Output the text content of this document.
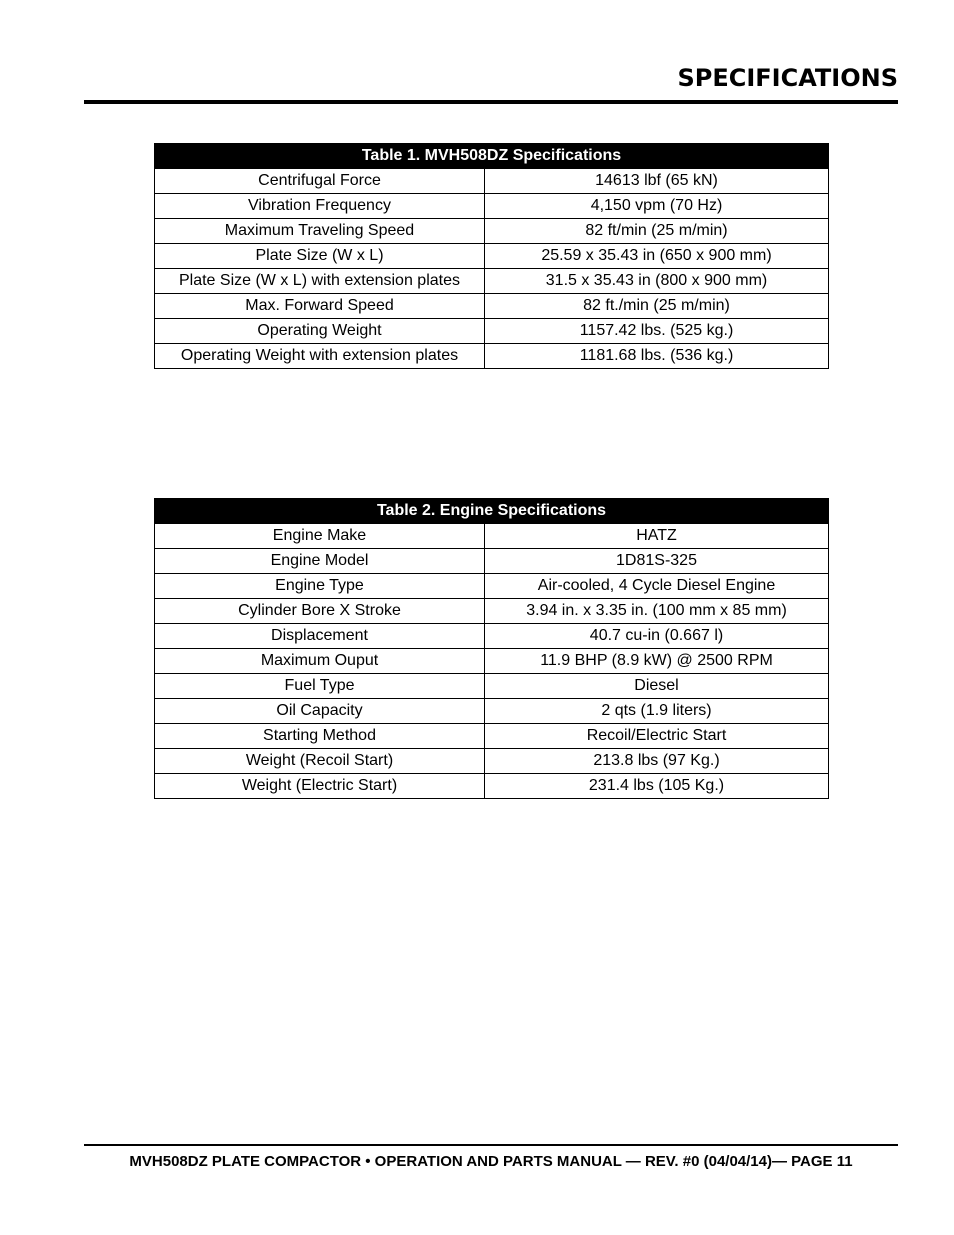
SPECIFICATIONS
Table 1. MVH508DZ Specifications	
Centrifugal Force	14613 lbf (65 kN)
Vibration Frequency	4,150 vpm (70 Hz)
Maximum Traveling Speed	82 ft/min (25 m/min)
Plate Size (W x L)	25.59 x 35.43 in (650 x 900 mm)
Plate Size (W x L) with extension plates	31.5 x 35.43 in (800 x 900 mm)
Max. Forward Speed	82 ft./min (25 m/min)
Operating Weight	1157.42 lbs. (525 kg.)
Operating Weight with extension plates	1181.68 lbs. (536 kg.)
Table 2. Engine Specifications	
Engine Make	HATZ
Engine Model	1D81S-325
Engine Type	Air-cooled, 4 Cycle Diesel Engine
Cylinder Bore X Stroke	3.94 in. x 3.35 in. (100 mm x 85 mm)
Displacement	40.7 cu-in (0.667 l)
Maximum Ouput	11.9 BHP (8.9 kW) @ 2500 RPM
Fuel Type	Diesel
Oil Capacity	2 qts (1.9 liters)
Starting Method	Recoil/Electric Start
Weight (Recoil Start)	213.8 lbs (97 Kg.)
Weight (Electric Start)	231.4 lbs (105 Kg.)
MVH508DZ PLATE COMPACTOR • OPERATION AND PARTS MANUAL — REV. #0 (04/04/14)— PAGE 11
